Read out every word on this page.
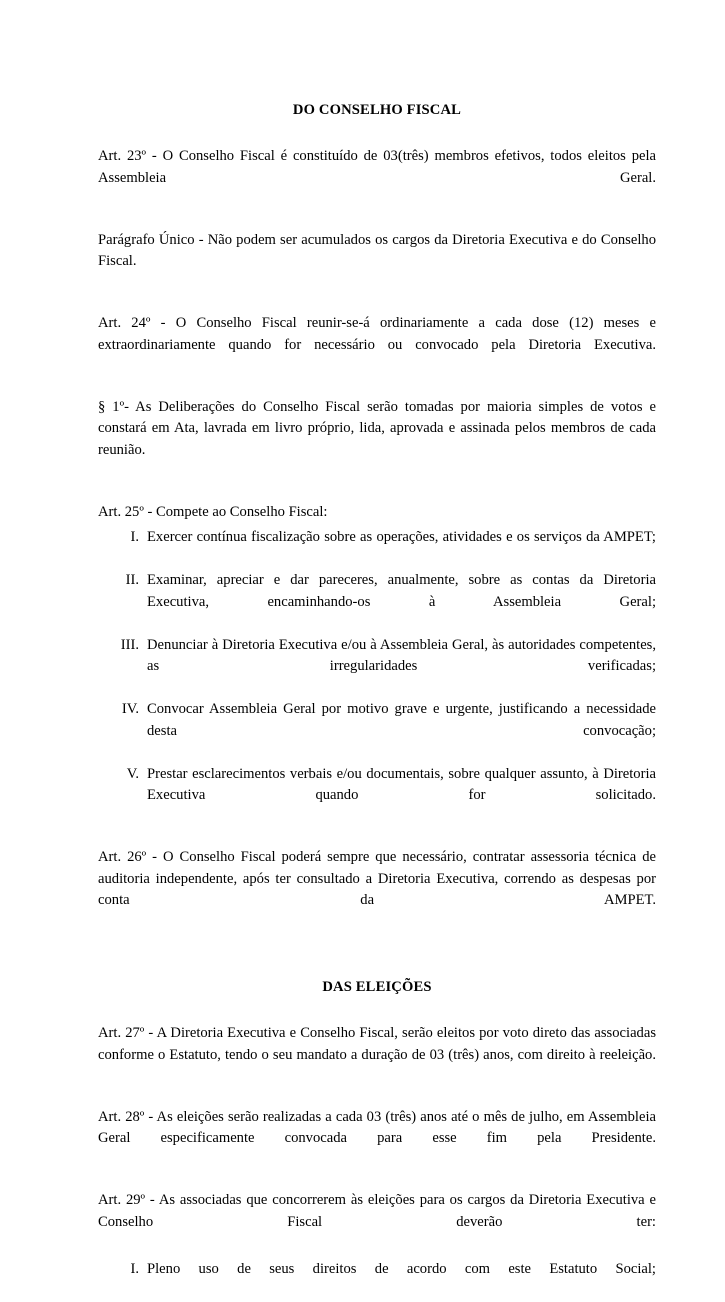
DO CONSELHO FISCAL

Art. 23º - O Conselho Fiscal é constituído de 03(três) membros efetivos, todos eleitos pela Assembleia Geral.

Parágrafo Único - Não podem ser acumulados os cargos da Diretoria Executiva e do Conselho Fiscal.

Art. 24º - O Conselho Fiscal reunir-se-á ordinariamente a cada dose (12) meses e extraordinariamente quando for necessário ou convocado pela Diretoria Executiva.

§ 1º- As Deliberações do Conselho Fiscal serão tomadas por maioria simples de votos e constará em Ata, lavrada em livro próprio, lida, aprovada e assinada pelos membros de cada reunião.

Art. 25º - Compete ao Conselho Fiscal:

I. Exercer contínua fiscalização sobre as operações, atividades e os serviços da AMPET;
II. Examinar, apreciar e dar pareceres, anualmente, sobre as contas da Diretoria Executiva, encaminhando-os à Assembleia Geral;
III. Denunciar à Diretoria Executiva e/ou à Assembleia Geral, às autoridades competentes, as irregularidades verificadas;
IV. Convocar Assembleia Geral por motivo grave e urgente, justificando a necessidade desta convocação;
V. Prestar esclarecimentos verbais e/ou documentais, sobre qualquer assunto, à Diretoria Executiva quando for solicitado.

Art. 26º - O Conselho Fiscal poderá sempre que necessário, contratar assessoria técnica de auditoria independente, após ter consultado a Diretoria Executiva, correndo as despesas por conta da AMPET.

DAS ELEIÇÕES

Art. 27º - A Diretoria Executiva e Conselho Fiscal, serão eleitos por voto direto das associadas conforme o Estatuto, tendo o seu mandato a duração de 03 (três) anos, com direito à reeleição.

Art. 28º - As eleições serão realizadas a cada 03 (três) anos até o mês de julho, em Assembleia Geral especificamente convocada para esse fim pela Presidente.

Art. 29º - As associadas que concorrerem às eleições para os cargos da Diretoria Executiva e Conselho Fiscal deverão ter:

I. Pleno uso de seus direitos de acordo com este Estatuto Social;
